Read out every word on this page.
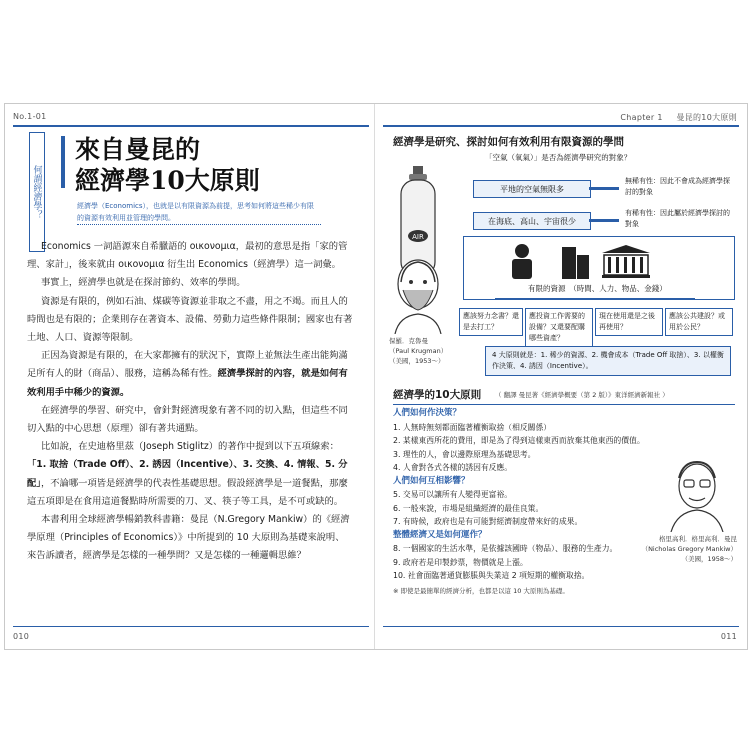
No.1-01
何謂經濟學？
來自曼昆的
經濟學10大原則
經濟學（Economics），也就是以有限資源為前提，思考如何將這些稀少有限的資源有效利用並管理的學問。

Economics 一詞語源來自希臘語的 οικονομια，最初的意思是指「家的管理、家計」，後來就由 οικονομια 衍生出 Economics（經濟學）這一詞彙。

事實上，經濟學也就是在探討節約、效率的學問。

資源是有限的，例如石油、煤碳等資源並非取之不盡，用之不竭。而且人的時間也是有限的；企業則存在著資本、設備、勞動力這些條件限制；國家也有著土地、人口、資源等限制。

正因為資源是有限的，在大家都擁有的狀況下，實際上並無法生產出能夠滿足所有人的財（商品）、服務，這稱為稀有性。經濟學探討的內容，就是如何有效利用手中稀少的資源。

在經濟學的學習、研究中，會針對經濟現象有著不同的切入點，但這些不同切入點的中心思想（原理）卻有著共通點。

比如說，在史迪格里茲（Joseph Stiglitz）的著作中提到以下五項線索：

「1. 取捨（Trade Off）、2. 誘因（Incentive）、3. 交換、4. 情報、5. 分配」，不論哪一項皆是經濟學的代表性基礎思想。假設經濟學是一道餐點，那麼這五項即是在食用這道餐點時所需要的刀、叉、筷子等工具，是不可或缺的。

本書利用全球經濟學暢銷教科書籍：曼昆（N.Gregory Mankiw）的《經濟學原理（Principles of Economics）》中所提到的 10 大原則為基礎來說明、來告訴讀者，經濟學是怎樣的一種學問？又是怎樣的一種邏輯思維？

010
Chapter 1 曼昆的10大原則
經濟學是研究、探討如何有效利用有限資源的學問
「空氣（氧氣）」是否為經濟學研究的對象？
AIR
平地的空氣無限多
無稀有性：因此不會成為經濟學探討的對象
在海底、高山、宇宙很少
有稀有性：因此屬於經濟學探討的對象
有限的資源　（時間、人力、物品、金錢）
保羅．克魯曼
（Paul Krugman）
（美國，1953～）
應該努力念書？還是去打工？
應投資工作需要的設備？又還要配購哪些資產？
現在使用還是之後再使用？
應該公共建設？或用於公民？
4 大原則就是：1. 稀少的資源、2. 機會成本（Trade Off 取捨）、3. 以權衡作決策、4. 誘因（Incentive）。
經濟學的10大原則 （ 翻譯 曼昆著《經濟學概要（第 2 版）》東洋經濟新報社 ）
人們如何作決策？
1. 人無時無刻都面臨著權衡取捨（相反關係）
2. 某樣東西所花的費用，即是為了得到這樣東西而放棄其他東西的價值。
3. 理性的人，會以邊際原理為基礎思考。
4. 人會對各式各樣的誘因有反應。
人們如何互相影響？
5. 交易可以讓所有人變得更富裕。
6. 一般來說，市場是組織經濟的最佳良策。
7. 有時候，政府也是有可能對經濟制度帶來好的成果。
整體經濟又是如何運作？
8. 一個國家的生活水準，是依據該國時（物品）、服務的生產力。
9. 政府若是印製鈔票，物價就是上漲。
10. 社會面臨著通貨膨脹與失業這 2 項短期的權衡取捨。
格里高利．格里高利．曼昆
（Nicholas Gregory Mankiw）
（美國，1958～）
※ 即使是最簡單的經濟分析，也都是以這 10 大原則為基礎。
011
